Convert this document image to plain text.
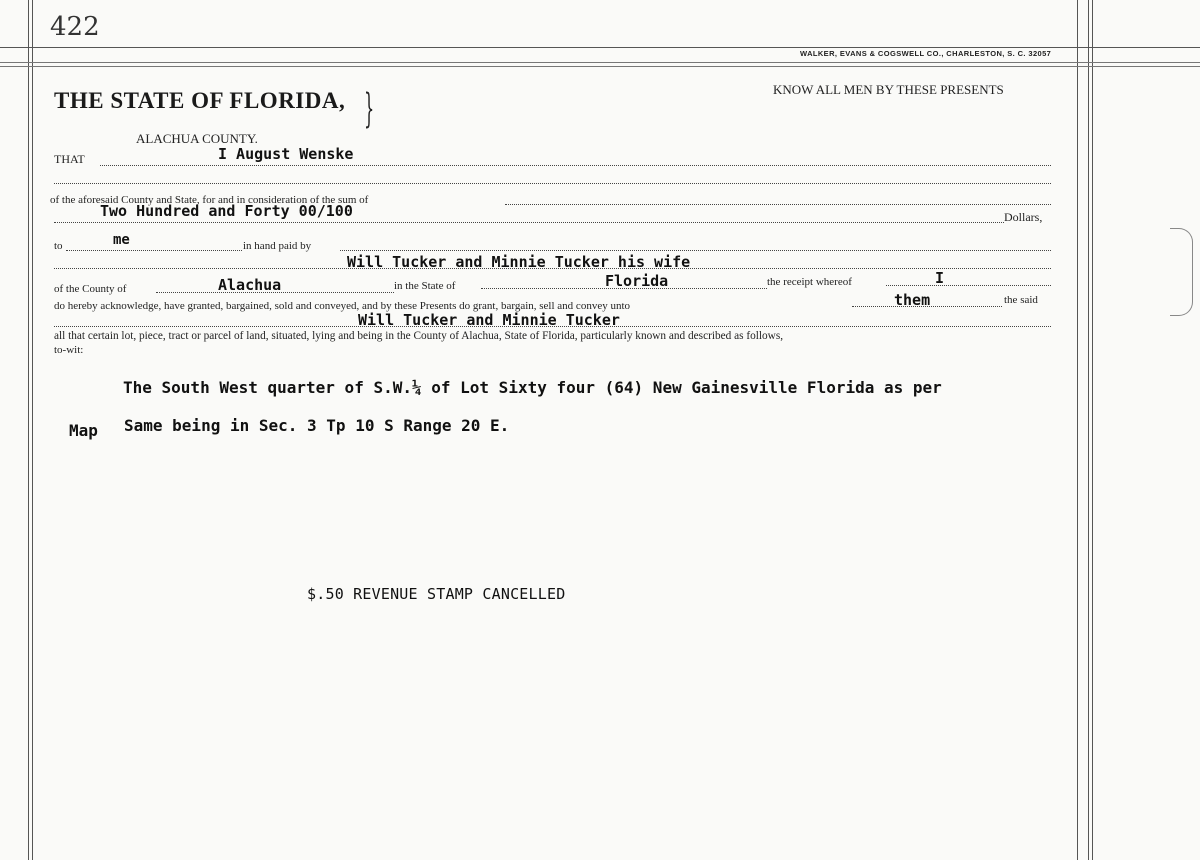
422
WALKER, EVANS & COGSWELL CO., CHARLESTON, S. C. 32057
THE STATE OF FLORIDA, }
ALACHUA COUNTY.
KNOW ALL MEN BY THESE PRESENTS
THAT	I August Wenske
of the aforesaid County and State, for and in consideration of the sum of
Two Hundred and Forty 00/100	Dollars,
to	me	in hand paid by
Will Tucker and Minnie Tucker his wife
of the County of	Alachua	in the State of	Florida	the receipt whereof	I
do hereby acknowledge, have granted, bargained, sold and conveyed, and by these Presents do grant, bargain, sell and convey unto	them	the said
Will Tucker and Minnie Tucker
all that certain lot, piece, tract or parcel of land, situated, lying and being in the County of Alachua, State of Florida, particularly known and described as follows,
to-wit:
The South West quarter of S.W.¼ of Lot Sixty four (64) New Gainesville Florida as per
Map Same being in Sec. 3 Tp 10 S Range 20 E.
$.50 REVENUE STAMP CANCELLED
